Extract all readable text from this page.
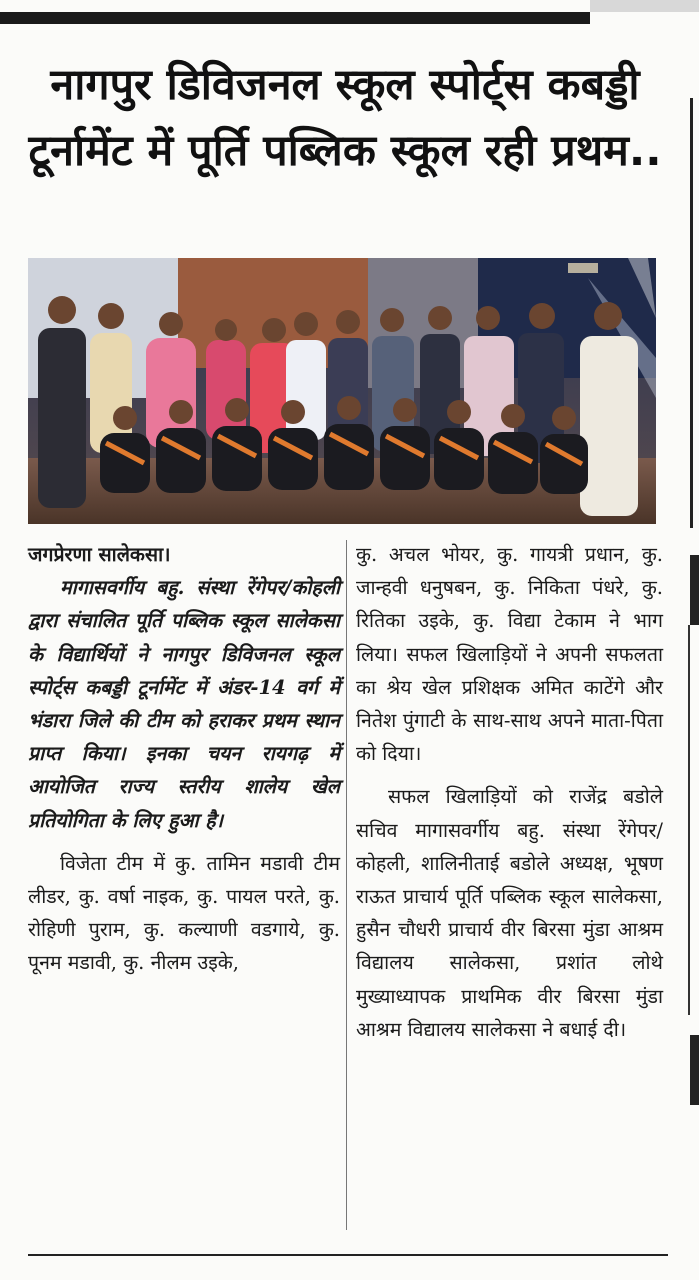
नागपुर डिविजनल स्कूल स्पोर्ट्स कबड्डी टूर्नामेंट में पूर्ति पब्लिक स्कूल रही प्रथम..

जगप्रेरणा सालेकसा।

मागासवर्गीय बहु. संस्था रेंगेपर/कोहली द्वारा संचालित पूर्ति पब्लिक स्कूल सालेकसा के विद्यार्थियों ने नागपुर डिविजनल स्कूल स्पोर्ट्स कबड्डी टूर्नामेंट में अंडर-14 वर्ग में भंडारा जिले की टीम को हराकर प्रथम स्थान प्राप्त किया। इनका चयन रायगढ़ में आयोजित राज्य स्तरीय शालेय खेल प्रतियोगिता के लिए हुआ है।

विजेता टीम में कु. तामिन मडावी टीम लीडर, कु. वर्षा नाइक, कु. पायल परते, कु. रोहिणी पुराम, कु. कल्याणी वडगाये, कु. पूनम मडावी, कु. नीलम उइके,

कु. अचल भोयर, कु. गायत्री प्रधान, कु. जान्हवी धनुषबन, कु. निकिता पंधरे, कु. रितिका उइके, कु. विद्या टेकाम ने भाग लिया। सफल खिलाड़ियों ने अपनी सफलता का श्रेय खेल प्रशिक्षक अमित काटेंगे और नितेश पुंगाटी के साथ-साथ अपने माता-पिता को दिया।

सफल खिलाड़ियों को राजेंद्र बडोले सचिव मागासवर्गीय बहु. संस्था रेंगेपर/कोहली, शालिनीताई बडोले अध्यक्ष, भूषण राऊत प्राचार्य पूर्ति पब्लिक स्कूल सालेकसा, हुसैन चौधरी प्राचार्य वीर बिरसा मुंडा आश्रम विद्यालय सालेकसा, प्रशांत लोथे मुख्याध्यापक प्राथमिक वीर बिरसा मुंडा आश्रम विद्यालय सालेकसा ने बधाई दी।
